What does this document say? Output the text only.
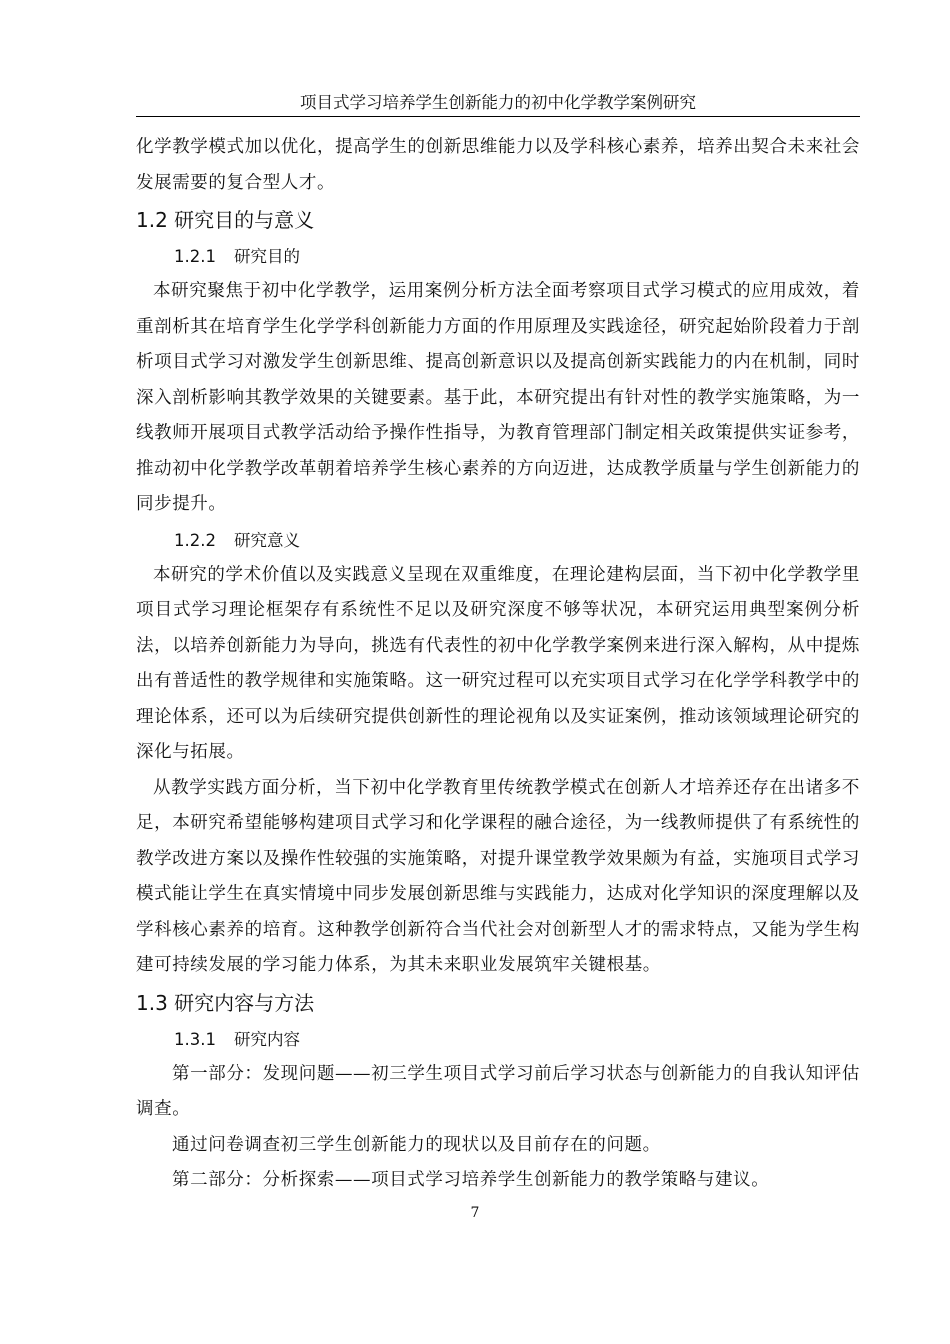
项目式学习培养学生创新能力的初中化学教学案例研究

化学教学模式加以优化，提高学生的创新思维能力以及学科核心素养，培养出契合未来社会发展需要的复合型人才。

1.2 研究目的与意义
1.2.1 研究目的

本研究聚焦于初中化学教学，运用案例分析方法全面考察项目式学习模式的应用成效，着重剖析其在培育学生化学学科创新能力方面的作用原理及实践途径，研究起始阶段着力于剖析项目式学习对激发学生创新思维、提高创新意识以及提高创新实践能力的内在机制，同时深入剖析影响其教学效果的关键要素。基于此，本研究提出有针对性的教学实施策略，为一线教师开展项目式教学活动给予操作性指导，为教育管理部门制定相关政策提供实证参考，推动初中化学教学改革朝着培养学生核心素养的方向迈进，达成教学质量与学生创新能力的同步提升。

1.2.2 研究意义

本研究的学术价值以及实践意义呈现在双重维度，在理论建构层面，当下初中化学教学里项目式学习理论框架存有系统性不足以及研究深度不够等状况，本研究运用典型案例分析法，以培养创新能力为导向，挑选有代表性的初中化学教学案例来进行深入解构，从中提炼出有普适性的教学规律和实施策略。这一研究过程可以充实项目式学习在化学学科教学中的理论体系，还可以为后续研究提供创新性的理论视角以及实证案例，推动该领域理论研究的深化与拓展。

从教学实践方面分析，当下初中化学教育里传统教学模式在创新人才培养还存在出诸多不足，本研究希望能够构建项目式学习和化学课程的融合途径，为一线教师提供了有系统性的教学改进方案以及操作性较强的实施策略，对提升课堂教学效果颇为有益，实施项目式学习模式能让学生在真实情境中同步发展创新思维与实践能力，达成对化学知识的深度理解以及学科核心素养的培育。这种教学创新符合当代社会对创新型人才的需求特点，又能为学生构建可持续发展的学习能力体系，为其未来职业发展筑牢关键根基。

1.3 研究内容与方法
1.3.1 研究内容

第一部分：发现问题——初三学生项目式学习前后学习状态与创新能力的自我认知评估调查。

通过问卷调查初三学生创新能力的现状以及目前存在的问题。

第二部分：分析探索——项目式学习培养学生创新能力的教学策略与建议。

7
